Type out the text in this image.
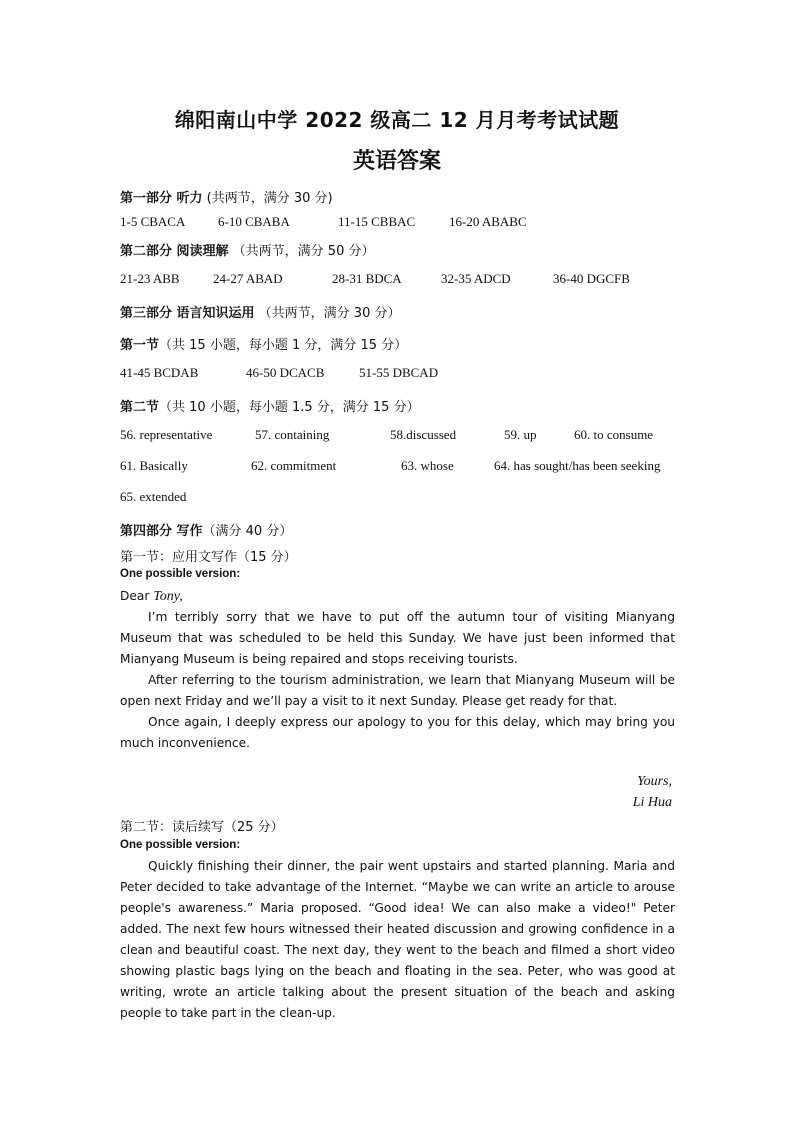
绵阳南山中学 2022 级高二 12 月月考考试试题
英语答案
第一部分 听力 (共两节，满分 30 分)
1-5 CBACA	6-10 CBABA	11-15 CBBAC	16-20 ABABC
第二部分 阅读理解 （共两节，满分 50 分）
21-23 ABB	24-27 ABAD	28-31 BDCA	32-35 ADCD	36-40 DGCFB
第三部分 语言知识运用 （共两节，满分 30 分）
第一节（共 15 小题，每小题 1 分，满分 15 分）
41-45 BCDAB	46-50 DCACB	51-55 DBCAD
第二节（共 10 小题，每小题 1.5 分，满分 15 分）
56. representative	57. containing	58.discussed	59. up	60. to consume
61. Basically	62. commitment	63. whose	64. has sought/has been seeking
65. extended
第四部分 写作（满分 40 分）
第一节：应用文写作（15 分）
One possible version:

Dear Tony,

I’m terribly sorry that we have to put off the autumn tour of visiting Mianyang Museum that was scheduled to be held this Sunday. We have just been informed that Mianyang Museum is being repaired and stops receiving tourists.

After referring to the tourism administration, we learn that Mianyang Museum will be open next Friday and we’ll pay a visit to it next Sunday. Please get ready for that.

Once again, I deeply express our apology to you for this delay, which may bring you much inconvenience.

Yours,
Li Hua
第二节：读后续写（25 分）
One possible version:

Quickly finishing their dinner, the pair went upstairs and started planning. Maria and Peter decided to take advantage of the Internet. “Maybe we can write an article to arouse people's awareness.” Maria proposed. “Good idea! We can also make a video!" Peter added. The next few hours witnessed their heated discussion and growing confidence in a clean and beautiful coast. The next day, they went to the beach and filmed a short video showing plastic bags lying on the beach and floating in the sea. Peter, who was good at writing, wrote an article talking about the present situation of the beach and asking people to take part in the clean-up.
